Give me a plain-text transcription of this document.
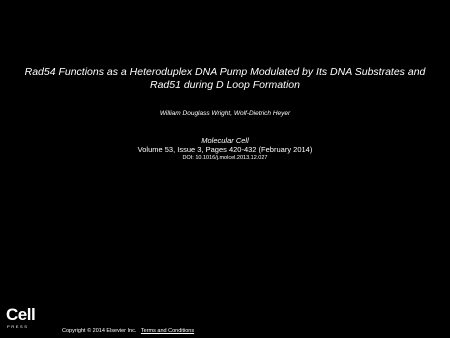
Rad54 Functions as a Heteroduplex DNA Pump Modulated by Its DNA Substrates and Rad51 during D Loop Formation
William Douglass Wright, Wolf-Dietrich Heyer
Molecular Cell
Volume 53, Issue 3, Pages 420-432 (February 2014)
DOI: 10.1016/j.molcel.2013.12.027
Cell
PRESS
Copyright © 2014 Elsevier Inc. Terms and Conditions
